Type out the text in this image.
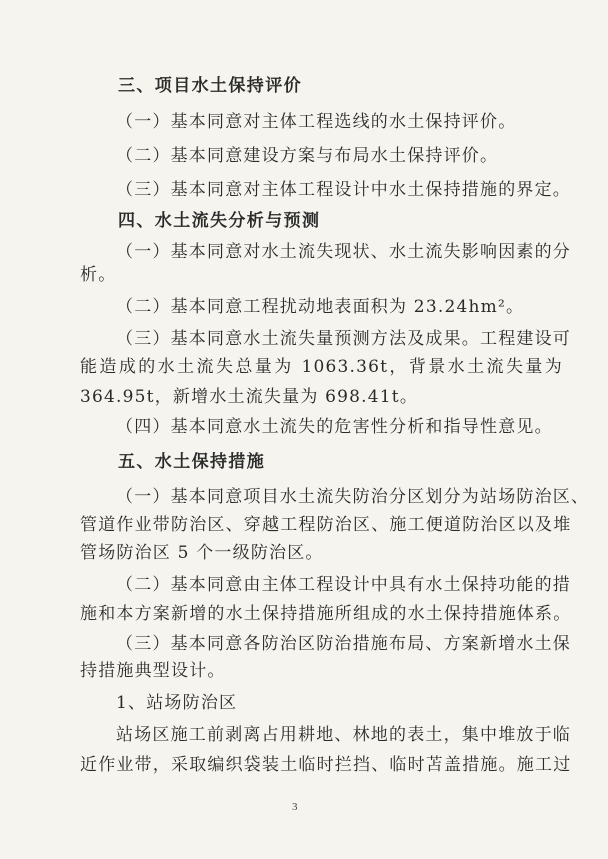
三、项目水土保持评价
（一）基本同意对主体工程选线的水土保持评价。
（二）基本同意建设方案与布局水土保持评价。
（三）基本同意对主体工程设计中水土保持措施的界定。
四、水土流失分析与预测
（一）基本同意对水土流失现状、水土流失影响因素的分
析。
（二）基本同意工程扰动地表面积为 23.24hm²。
（三）基本同意水土流失量预测方法及成果。工程建设可
能造成的水土流失总量为 1063.36t，背景水土流失量为
364.95t，新增水土流失量为 698.41t。
（四）基本同意水土流失的危害性分析和指导性意见。
五、水土保持措施
（一）基本同意项目水土流失防治分区划分为站场防治区、
管道作业带防治区、穿越工程防治区、施工便道防治区以及堆
管场防治区 5 个一级防治区。
（二）基本同意由主体工程设计中具有水土保持功能的措
施和本方案新增的水土保持措施所组成的水土保持措施体系。
（三）基本同意各防治区防治措施布局、方案新增水土保
持措施典型设计。
1、站场防治区
站场区施工前剥离占用耕地、林地的表土，集中堆放于临
近作业带，采取编织袋装土临时拦挡、临时苫盖措施。施工过
3
